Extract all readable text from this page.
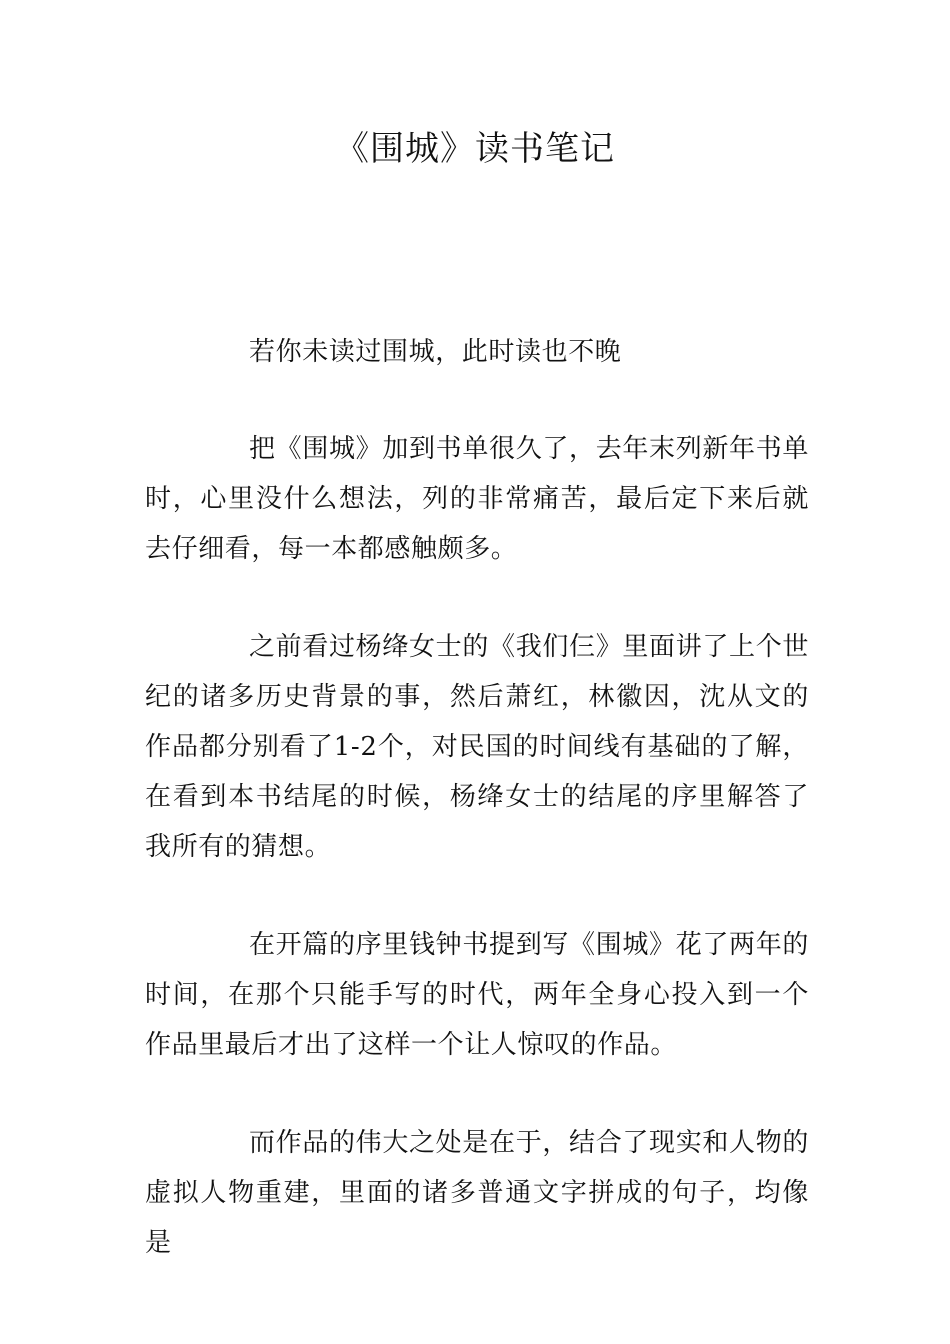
《围城》读书笔记

若你未读过围城，此时读也不晚

把《围城》加到书单很久了，去年末列新年书单时，心里没什么想法，列的非常痛苦，最后定下来后就去仔细看，每一本都感触颇多。

之前看过杨绛女士的《我们仨》里面讲了上个世纪的诸多历史背景的事，然后萧红，林徽因，沈从文的作品都分别看了1-2个，对民国的时间线有基础的了解，在看到本书结尾的时候，杨绛女士的结尾的序里解答了我所有的猜想。

在开篇的序里钱钟书提到写《围城》花了两年的时间，在那个只能手写的时代，两年全身心投入到一个作品里最后才出了这样一个让人惊叹的作品。

而作品的伟大之处是在于，结合了现实和人物的虚拟人物重建，里面的诸多普通文字拼成的句子，均像是
